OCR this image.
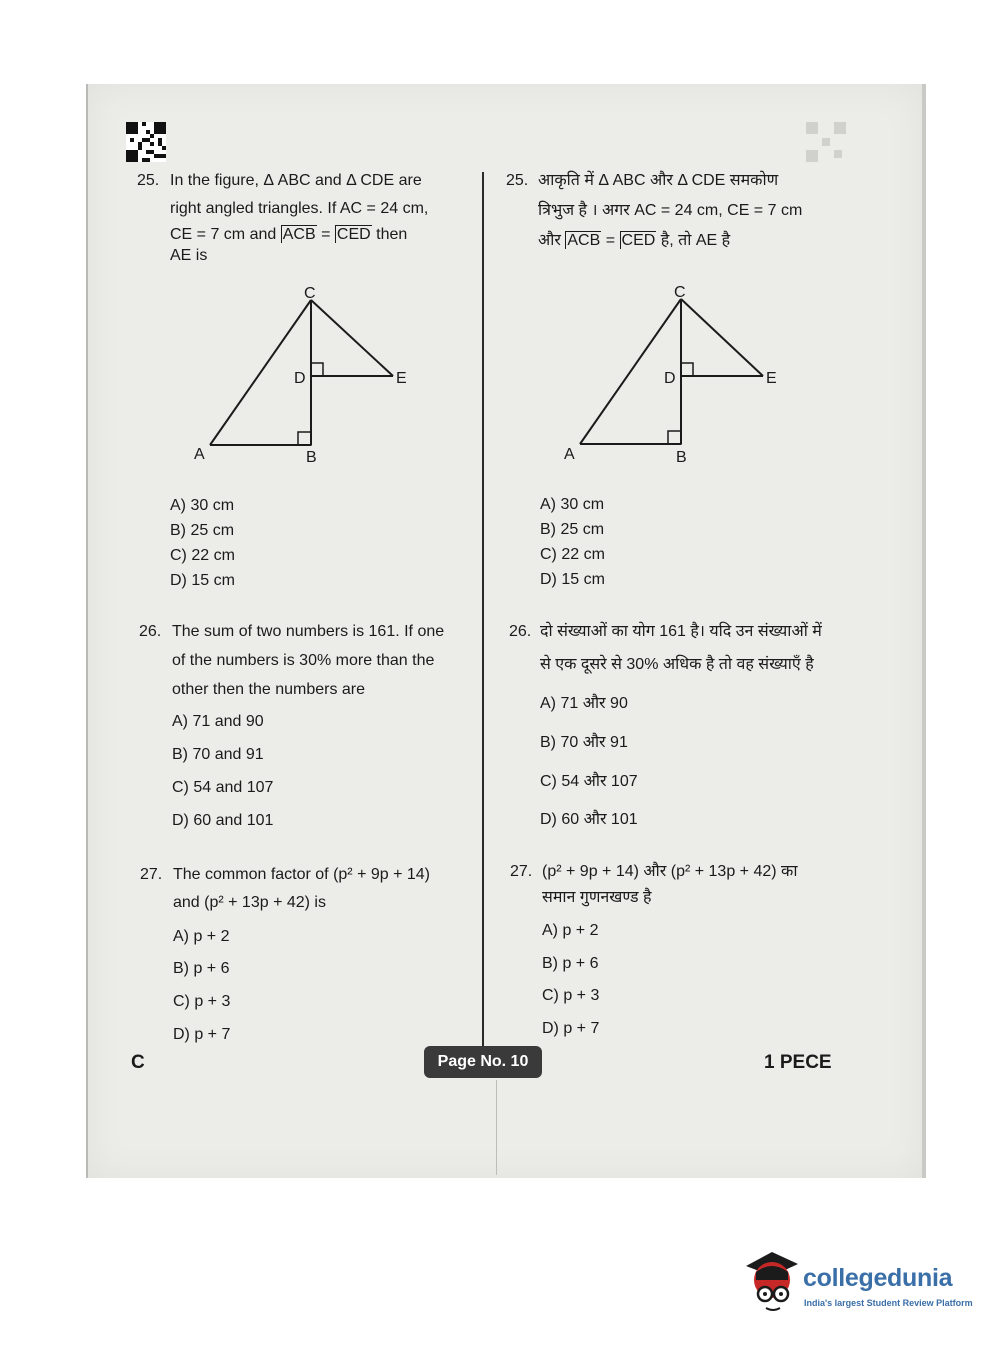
25. In the figure, Δ ABC and Δ CDE are
right angled triangles. If AC = 24 cm,
CE = 7 cm and ACB = CED then
AE is
A	B
C
D	E
A) 30 cm
B) 25 cm
C) 22 cm
D) 15 cm
25. आकृति में Δ ABC और Δ CDE समकोण
त्रिभुज है । अगर AC = 24 cm, CE = 7 cm
और ACB = CED है, तो AE है
A	B
C
D	E
A) 30 cm
B) 25 cm
C) 22 cm
D) 15 cm
26. The sum of two numbers is 161. If one
of the numbers is 30% more than the
other then the numbers are
A) 71 and 90
B) 70 and 91
C) 54 and 107
D) 60 and 101
26. दो संख्याओं का योग 161 है। यदि उन संख्याओं में
से एक दूसरे से 30% अधिक है तो वह संख्याएँ है
A) 71 और 90
B) 70 और 91
C) 54 और 107
D) 60 और 101
27. The common factor of (p² + 9p + 14)
and (p² + 13p + 42) is
A) p + 2
B) p + 6
C) p + 3
D) p + 7
27. (p² + 9p + 14) और (p² + 13p + 42) का
समान गुणनखण्ड है
A) p + 2
B) p + 6
C) p + 3
D) p + 7
C	Page No. 10	1 PECE
collegedunia
India's largest Student Review Platform
